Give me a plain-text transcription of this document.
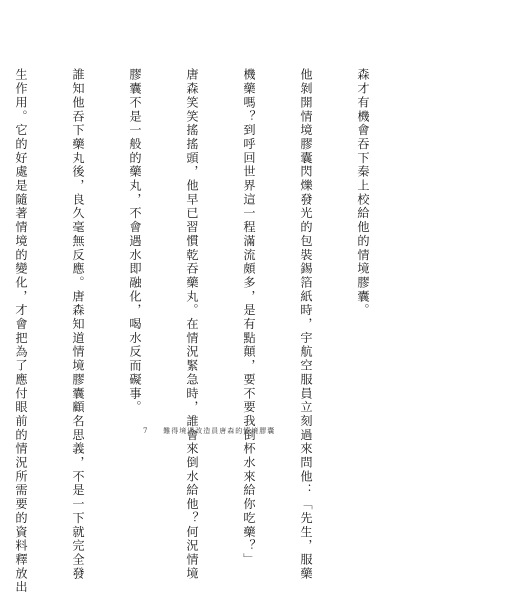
森才有機會吞下秦上校給他的情境膠囊。

他剝開情境膠囊閃爍發光的包裝錫箔紙時，宇航空服員立刻過來問他：「先生，服藥

機藥嗎？到呼回世界這一程滿流頗多，是有點顛，要不要我倒杯水來給你吃藥？」

唐森笑笑搖搖頭，他早已習慣乾吞藥丸。在情況緊急時，誰會來倒水給他？何況情境

膠囊不是一般的藥丸，不會遇水即融化，喝水反而礙事。

誰知他吞下藥丸後，良久毫無反應。唐森知道情境膠囊顧名思義，不是一下就完全發

生作用。它的好處是隨著情境的變化，才會把為了應付眼前的情況所需要的資料釋放出

	7 難得境遇改造員唐森的情境膠囊
